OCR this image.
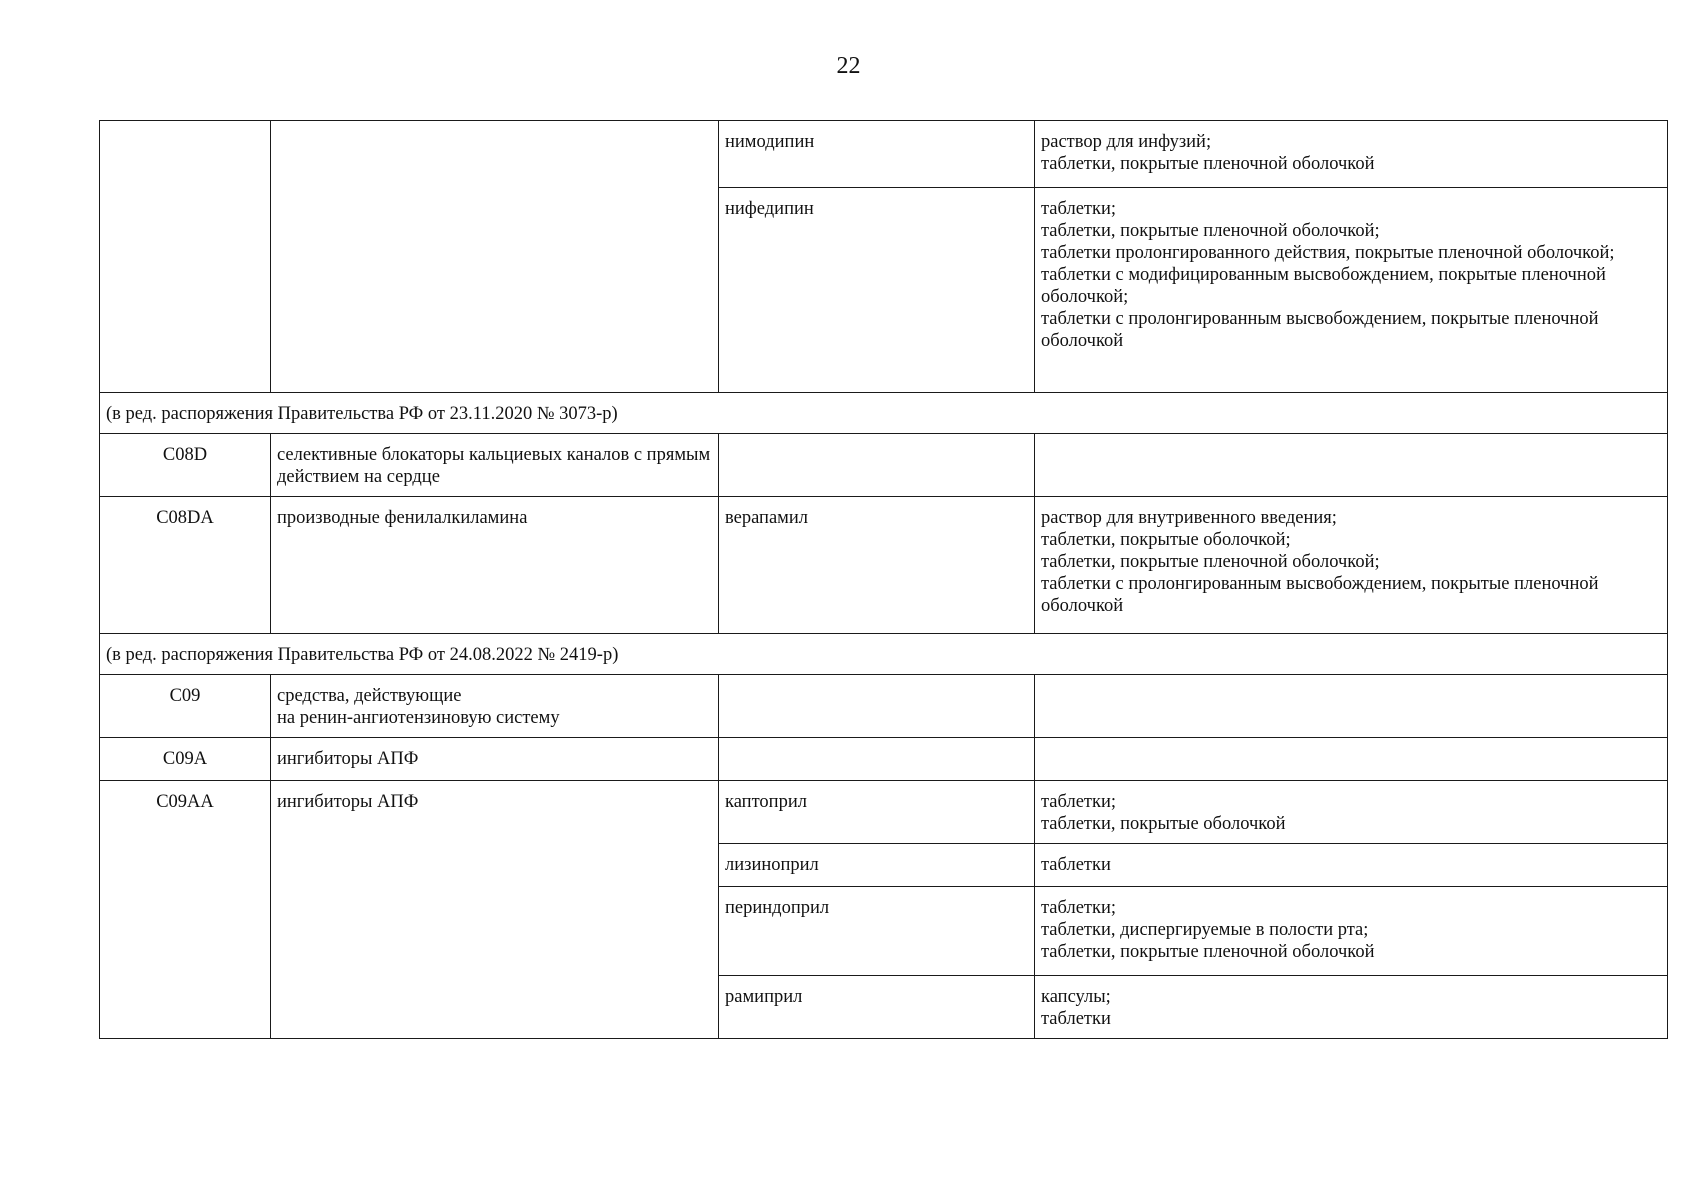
22
		нимодипин	раствор для инфузий;
таблетки, покрытые пленочной оболочкой

		нифедипин	таблетки;
таблетки, покрытые пленочной оболочкой;
таблетки пролонгированного действия, покрытые пленочной оболочкой;
таблетки с модифицированным высвобождением, покрытые пленочной оболочкой;
таблетки с пролонгированным высвобождением, покрытые пленочной оболочкой

(в ред. распоряжения Правительства РФ от 23.11.2020 № 3073-р)			
C08D	селективные блокаторы кальциевых каналов с прямым действием на сердце		
C08DA	производные фенилалкиламина	верапамил	раствор для внутривенного введения;
таблетки, покрытые оболочкой;
таблетки, покрытые пленочной оболочкой;
таблетки с пролонгированным высвобождением, покрытые пленочной оболочкой

(в ред. распоряжения Правительства РФ от 24.08.2022 № 2419-р)			
C09	средства, действующие
на ренин-ангиотензиновую систему		

C09A	ингибиторы АПФ		
C09AA	ингибиторы АПФ	каптоприл	таблетки;
таблетки, покрытые оболочкой

		лизиноприл	таблетки

		периндоприл	таблетки;
таблетки, диспергируемые в полости рта;
таблетки, покрытые пленочной оболочкой

		рамиприл	капсулы;
таблетки
